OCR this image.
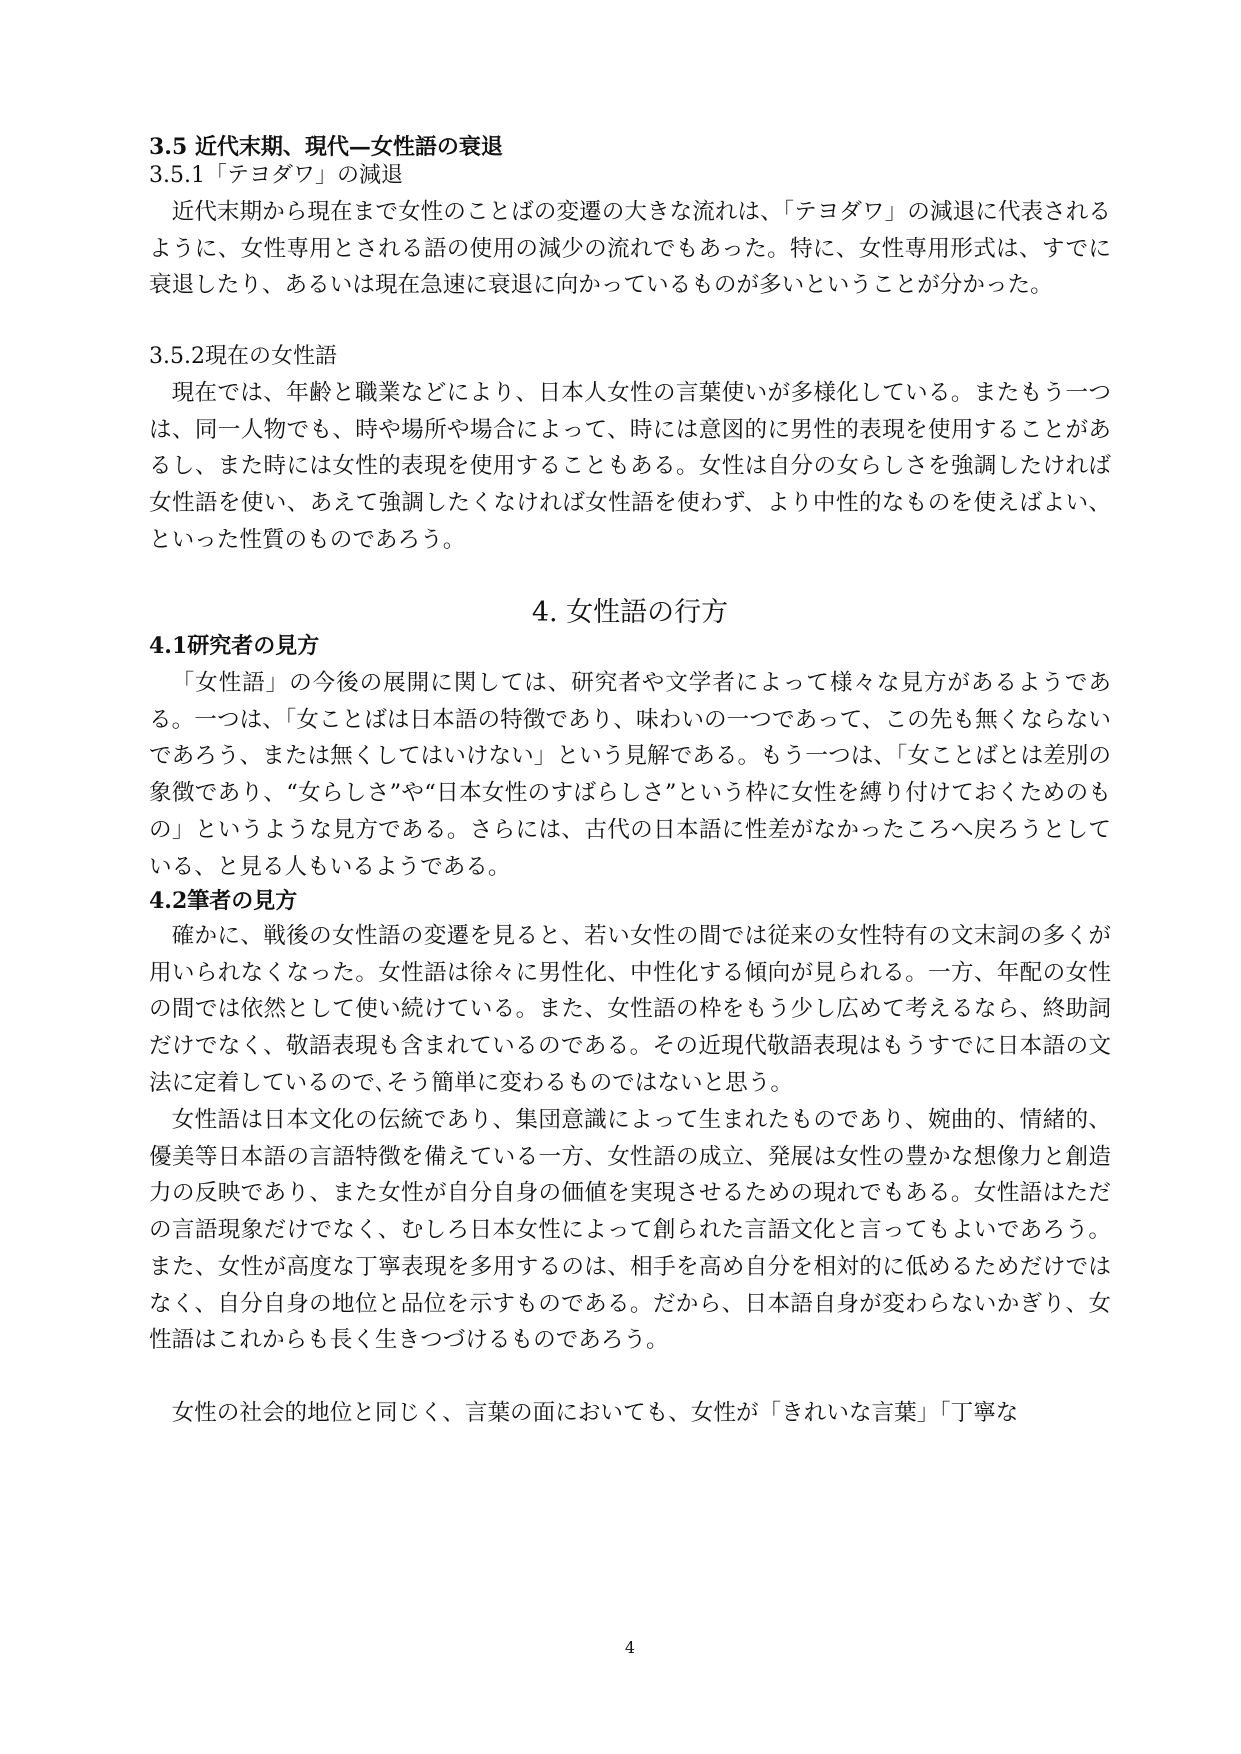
3.5 近代末期、現代—女性語の衰退
3.5.1「テヨダワ」の減退

近代末期から現在まで女性のことばの変遷の大きな流れは、「テヨダワ」の減退に代表されるように、女性専用とされる語の使用の減少の流れでもあった。特に、女性専用形式は、すでに衰退したり、あるいは現在急速に衰退に向かっているものが多いということが分かった。

3.5.2現在の女性語

現在では、年齢と職業などにより、日本人女性の言葉使いが多様化している。またもう一つは、同一人物でも、時や場所や場合によって、時には意図的に男性的表現を使用することがあるし、また時には女性的表現を使用することもある。女性は自分の女らしさを強調したければ女性語を使い、あえて強調したくなければ女性語を使わず、より中性的なものを使えばよい、といった性質のものであろう。

4. 女性語の行方
4.1研究者の見方

「女性語」の今後の展開に関しては、研究者や文学者によって様々な見方があるようである。一つは、「女ことばは日本語の特徴であり、味わいの一つであって、この先も無くならないであろう、または無くしてはいけない」という見解である。もう一つは、「女ことばとは差別の象徴であり、“女らしさ”や“日本女性のすばらしさ”という枠に女性を縛り付けておくためのもの」というような見方である。さらには、古代の日本語に性差がなかったころへ戻ろうとしている、と見る人もいるようである。

4.2筆者の見方

確かに、戦後の女性語の変遷を見ると、若い女性の間では従来の女性特有の文末詞の多くが用いられなくなった。女性語は徐々に男性化、中性化する傾向が見られる。一方、年配の女性の間では依然として使い続けている。また、女性語の枠をもう少し広めて考えるなら、終助詞だけでなく、敬語表現も含まれているのである。その近現代敬語表現はもうすでに日本語の文法に定着しているので､そう簡単に変わるものではないと思う。

女性語は日本文化の伝統であり、集団意識によって生まれたものであり、婉曲的、情緒的、優美等日本語の言語特徴を備えている一方、女性語の成立、発展は女性の豊かな想像力と創造力の反映であり、また女性が自分自身の価値を実現させるための現れでもある。女性語はただの言語現象だけでなく、むしろ日本女性によって創られた言語文化と言ってもよいであろう。また、女性が高度な丁寧表現を多用するのは、相手を高め自分を相対的に低めるためだけではなく、自分自身の地位と品位を示すものである。だから、日本語自身が変わらないかぎり、女性語はこれからも長く生きつづけるものであろう。

女性の社会的地位と同じく、言葉の面においても、女性が「きれいな言葉」「丁寧な

4
